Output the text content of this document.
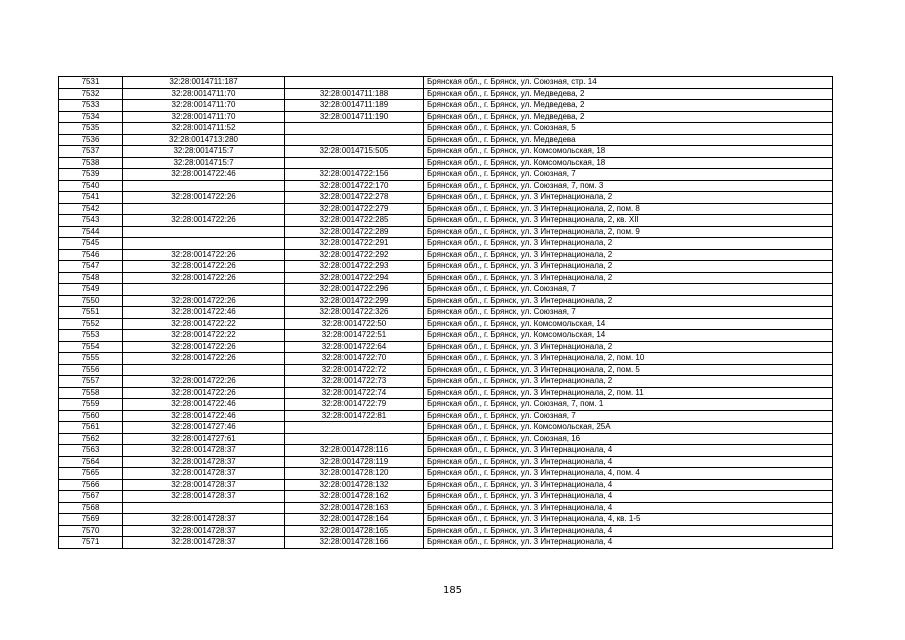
7531	32:28:0014711:187		Брянская обл., г. Брянск, ул. Союзная, стр. 14
7532	32:28:0014711:70	32:28:0014711:188	Брянская обл., г. Брянск, ул. Медведева, 2
7533	32:28:0014711:70	32:28:0014711:189	Брянская обл., г. Брянск, ул. Медведева, 2
7534	32:28:0014711:70	32:28:0014711:190	Брянская обл., г. Брянск, ул. Медведева, 2
7535	32:28:0014711:52		Брянская обл., г. Брянск, ул. Союзная, 5
7536	32:28:0014713:280		Брянская обл., г. Брянск, ул. Медведева
7537	32:28:0014715:7	32:28:0014715:505	Брянская обл., г. Брянск, ул. Комсомольская, 18
7538	32:28:0014715:7		Брянская обл., г. Брянск, ул. Комсомольская, 18
7539	32:28:0014722:46	32:28:0014722:156	Брянская обл., г. Брянск, ул. Союзная, 7
7540		32:28:0014722:170	Брянская обл., г. Брянск, ул. Союзная, 7, пом. 3
7541	32:28:0014722:26	32:28:0014722:278	Брянская обл., г. Брянск, ул. 3 Интернационала, 2
7542		32:28:0014722:279	Брянская обл., г. Брянск, ул. 3 Интернационала, 2, пом. 8
7543	32:28:0014722:26	32:28:0014722:285	Брянская обл., г. Брянск, ул. 3 Интернационала, 2, кв. XII
7544		32:28:0014722:289	Брянская обл., г. Брянск, ул. 3 Интернационала, 2, пом. 9
7545		32:28:0014722:291	Брянская обл., г. Брянск, ул. 3 Интернационала, 2
7546	32:28:0014722:26	32:28:0014722:292	Брянская обл., г. Брянск, ул. 3 Интернационала, 2
7547	32:28:0014722:26	32:28:0014722:293	Брянская обл., г. Брянск, ул. 3 Интернационала, 2
7548	32:28:0014722:26	32:28:0014722:294	Брянская обл., г. Брянск, ул. 3 Интернационала, 2
7549		32:28:0014722:296	Брянская обл., г. Брянск, ул. Союзная, 7
7550	32:28:0014722:26	32:28:0014722:299	Брянская обл., г. Брянск, ул. 3 Интернационала, 2
7551	32:28:0014722:46	32:28:0014722:326	Брянская обл., г. Брянск, ул. Союзная, 7
7552	32:28:0014722:22	32:28:0014722:50	Брянская обл., г. Брянск, ул. Комсомольская, 14
7553	32:28:0014722:22	32:28:0014722:51	Брянская обл., г. Брянск, ул. Комсомольская, 14
7554	32:28:0014722:26	32:28:0014722:64	Брянская обл., г. Брянск, ул. 3 Интернационала, 2
7555	32:28:0014722:26	32:28:0014722:70	Брянская обл., г. Брянск, ул. 3 Интернационала, 2, пом. 10
7556		32:28:0014722:72	Брянская обл., г. Брянск, ул. 3 Интернационала, 2, пом. 5
7557	32:28:0014722:26	32:28:0014722:73	Брянская обл., г. Брянск, ул. 3 Интернационала, 2
7558	32:28:0014722:26	32:28:0014722:74	Брянская обл., г. Брянск, ул. 3 Интернационала, 2, пом. 11
7559	32:28:0014722:46	32:28:0014722:79	Брянская обл., г. Брянск, ул. Союзная, 7, пом. 1
7560	32:28:0014722:46	32:28:0014722:81	Брянская обл., г. Брянск, ул. Союзная, 7
7561	32:28:0014727:46		Брянская обл., г. Брянск, ул. Комсомольская, 25А
7562	32:28:0014727:61		Брянская обл., г. Брянск, ул. Союзная, 16
7563	32:28:0014728:37	32:28:0014728:116	Брянская обл., г. Брянск, ул. 3 Интернационала, 4
7564	32:28:0014728:37	32:28:0014728:119	Брянская обл., г. Брянск, ул. 3 Интернационала, 4
7565	32:28:0014728:37	32:28:0014728:120	Брянская обл., г. Брянск, ул. 3 Интернационала, 4, пом. 4
7566	32:28:0014728:37	32:28:0014728:132	Брянская обл., г. Брянск, ул. 3 Интернационала, 4
7567	32:28:0014728:37	32:28:0014728:162	Брянская обл., г. Брянск, ул. 3 Интернационала, 4
7568		32:28:0014728:163	Брянская обл., г. Брянск, ул. 3 Интернационала, 4
7569	32:28:0014728:37	32:28:0014728:164	Брянская обл., г. Брянск, ул. 3 Интернационала, 4, кв. 1-5
7570	32:28:0014728:37	32:28:0014728:165	Брянская обл., г. Брянск, ул. 3 Интернационала, 4
7571	32:28:0014728:37	32:28:0014728:166	Брянская обл., г. Брянск, ул. 3 Интернационала, 4
185
